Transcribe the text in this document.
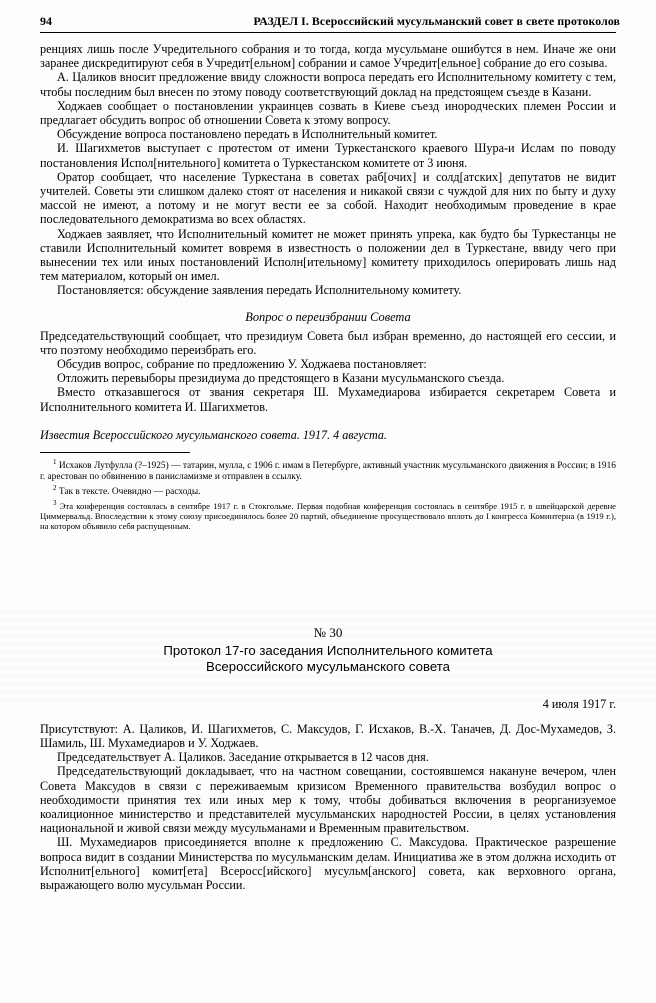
94	РАЗДЕЛ I. Всероссийский мусульманский совет в свете протоколов

ренциях лишь после Учредительного собрания и то тогда, когда мусульмане ошибутся в нем. Иначе же они заранее дискредитируют себя в Учредит[ельном] собрании и самое Учредит[ельное] собрание до его созыва.

А. Цаликов вносит предложение ввиду сложности вопроса передать его Исполнительному комитету с тем, чтобы последним был внесен по этому поводу соответствующий доклад на предстоящем съезде в Казани.

Ходжаев сообщает о постановлении украинцев созвать в Киеве съезд инородческих племен России и предлагает обсудить вопрос об отношении Совета к этому вопросу.

Обсуждение вопроса постановлено передать в Исполнительный комитет.

И. Шагихметов выступает с протестом от имени Туркестанского краевого Шура-и Ислам по поводу постановления Испол[нительного] комитета о Туркестанском комитете от 3 июня.

Оратор сообщает, что население Туркестана в советах раб[очих] и солд[атских] депутатов не видит учителей. Советы эти слишком далеко стоят от населения и никакой связи с чуждой для них по быту и духу массой не имеют, а потому и не могут вести ее за собой. Находит необходимым проведение в крае последовательного демократизма во всех областях.

Ходжаев заявляет, что Исполнительный комитет не может принять упрека, как будто бы Туркестанцы не ставили Исполнительный комитет вовремя в известность о положении дел в Туркестане, ввиду чего при вынесении тех или иных постановлений Исполн[ительному] комитету приходилось оперировать лишь над тем материалом, который он имел.

Постановляется: обсуждение заявления передать Исполнительному комитету.

Вопрос о переизбрании Совета

Председательствующий сообщает, что президиум Совета был избран временно, до настоящей его сессии, и что поэтому необходимо переизбрать его.

Обсудив вопрос, собрание по предложению У. Ходжаева постановляет:

Отложить перевыборы президиума до предстоящего в Казани мусульманского съезда.

Вместо отказавшегося от звания секретаря Ш. Мухамедиарова избирается секретарем Совета и Исполнительного комитета И. Шагихметов.

Известия Всероссийского мусульманского совета. 1917. 4 августа.

$^1$ Исхаков Лутфулла (?–1925) — татарин, мулла, с 1906 г. имам в Петербурге, активный участник мусульманского движения в России; в 1916 г. арестован по обвинению в панисламизме и отправлен в ссылку.

$^2$ Так в тексте. Очевидно — расходы.

$^3$ Эта конференция состоялась в сентябре 1917 г. в Стокгольме. Первая подобная конференция состоялась в сентябре 1915 г. в швейцарской деревне Циммервальд. Впоследствии к этому союзу присоединялось более 20 партий, объединение просуществовало вплоть до I конгресса Коминтерна (в 1919 г.), на котором объявило себя распущенным.

№ 30
Протокол 17-го заседания Исполнительного комитета
Всероссийского мусульманского совета
4 июля 1917 г.

Присутствуют: А. Цаликов, И. Шагихметов, С. Максудов, Г. Исхаков, В.-Х. Таначев, Д. Дос-Мухамедов, З. Шамиль, Ш. Мухамедиаров и У. Ходжаев.

Председательствует А. Цаликов. Заседание открывается в 12 часов дня.

Председательствующий докладывает, что на частном совещании, состоявшемся накануне вечером, член Совета Максудов в связи с переживаемым кризисом Временного правительства возбудил вопрос о необходимости принятия тех или иных мер к тому, чтобы добиваться включения в реорганизуемое коалиционное министерство и представителей мусульманских народностей России, в целях установления национальной и живой связи между мусульманами и Временным правительством.

Ш. Мухамедиаров присоединяется вполне к предложению С. Максудова. Практическое разрешение вопроса видит в создании Министерства по мусульманским делам. Инициатива же в этом должна исходить от Исполнит[ельного] комит[ета] Всеросс[ийского] мусульм[анского] совета, как верховного органа, выражающего волю мусульман России.
